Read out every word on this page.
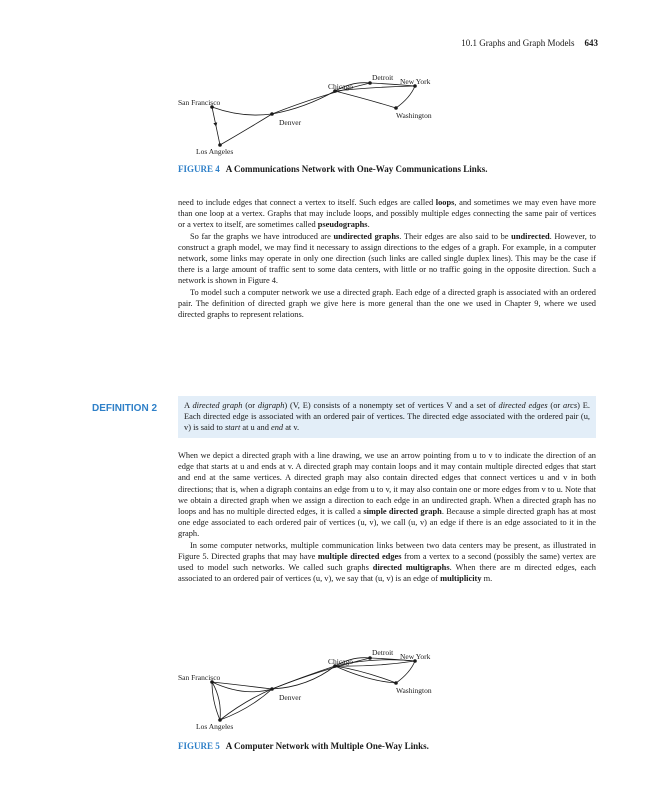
10.1 Graphs and Graph Models 643
San Francisco
Los Angeles
Denver
Chicago
Detroit New York
Washington
FIGURE 4 A Communications Network with One-Way Communications Links.

need to include edges that connect a vertex to itself. Such edges are called loops, and sometimes we may even have more than one loop at a vertex. Graphs that may include loops, and possibly multiple edges connecting the same pair of vertices or a vertex to itself, are sometimes called pseudographs.

So far the graphs we have introduced are undirected graphs. Their edges are also said to be undirected. However, to construct a graph model, we may find it necessary to assign directions to the edges of a graph. For example, in a computer network, some links may operate in only one direction (such links are called single duplex lines). This may be the case if there is a large amount of traffic sent to some data centers, with little or no traffic going in the opposite direction. Such a network is shown in Figure 4.

To model such a computer network we use a directed graph. Each edge of a directed graph is associated with an ordered pair. The definition of directed graph we give here is more general than the one we used in Chapter 9, where we used directed graphs to represent relations.

DEFINITION 2	A directed graph (or digraph) (V, E) consists of a nonempty set of vertices V and a set of directed edges (or arcs) E. Each directed edge is associated with an ordered pair of vertices. The directed edge associated with the ordered pair (u, v) is said to start at u and end at v.

When we depict a directed graph with a line drawing, we use an arrow pointing from u to v to indicate the direction of an edge that starts at u and ends at v. A directed graph may contain loops and it may contain multiple directed edges that start and end at the same vertices. A directed graph may also contain directed edges that connect vertices u and v in both directions; that is, when a digraph contains an edge from u to v, it may also contain one or more edges from v to u. Note that we obtain a directed graph when we assign a direction to each edge in an undirected graph. When a directed graph has no loops and has no multiple directed edges, it is called a simple directed graph. Because a simple directed graph has at most one edge associated to each ordered pair of vertices (u, v), we call (u, v) an edge if there is an edge associated to it in the graph.

In some computer networks, multiple communication links between two data centers may be present, as illustrated in Figure 5. Directed graphs that may have multiple directed edges from a vertex to a second (possibly the same) vertex are used to model such networks. We called such graphs directed multigraphs. When there are m directed edges, each associated to an ordered pair of vertices (u, v), we say that (u, v) is an edge of multiplicity m.

San Francisco
Los Angeles
Denver
Chicago
Detroit New York
Washington
FIGURE 5 A Computer Network with Multiple One-Way Links.
